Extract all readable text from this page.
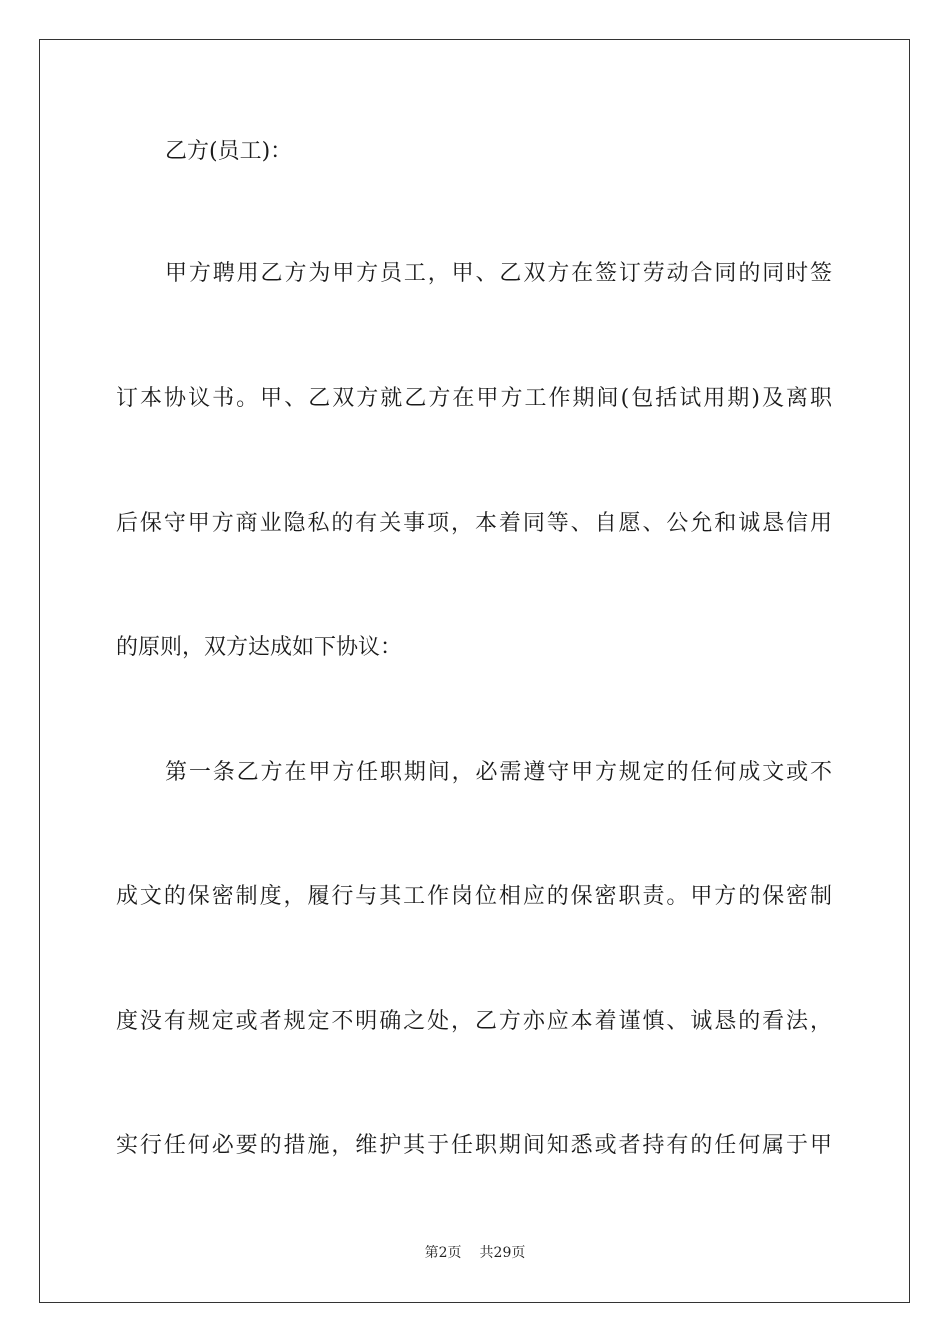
乙方(员工)：
甲方聘用乙方为甲方员工，甲、乙双方在签订劳动合同的同时签
订本协议书。甲、乙双方就乙方在甲方工作期间(包括试用期)及离职
后保守甲方商业隐私的有关事项，本着同等、自愿、公允和诚恳信用
的原则，双方达成如下协议：
第一条乙方在甲方任职期间，必需遵守甲方规定的任何成文或不
成文的保密制度，履行与其工作岗位相应的保密职责。甲方的保密制
度没有规定或者规定不明确之处，乙方亦应本着谨慎、诚恳的看法，
实行任何必要的措施，维护其于任职期间知悉或者持有的任何属于甲
第2页 共29页
